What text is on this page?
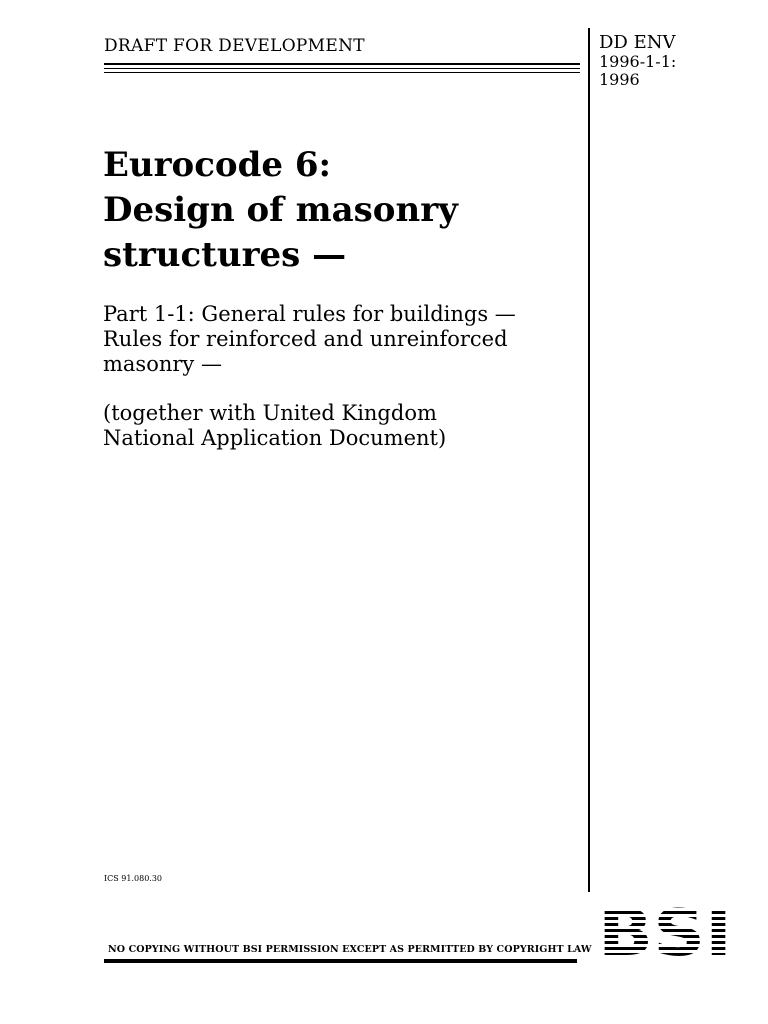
DRAFT FOR DEVELOPMENT	DD ENV
1996-1-1:
1996
Eurocode 6:
Design of masonry
structures —
Part 1-1: General rules for buildings —
Rules for reinforced and unreinforced
masonry —
(together with United Kingdom
National Application Document)
ICS 91.080.30
NO COPYING WITHOUT BSI PERMISSION EXCEPT AS PERMITTED BY COPYRIGHT LAW BSI
